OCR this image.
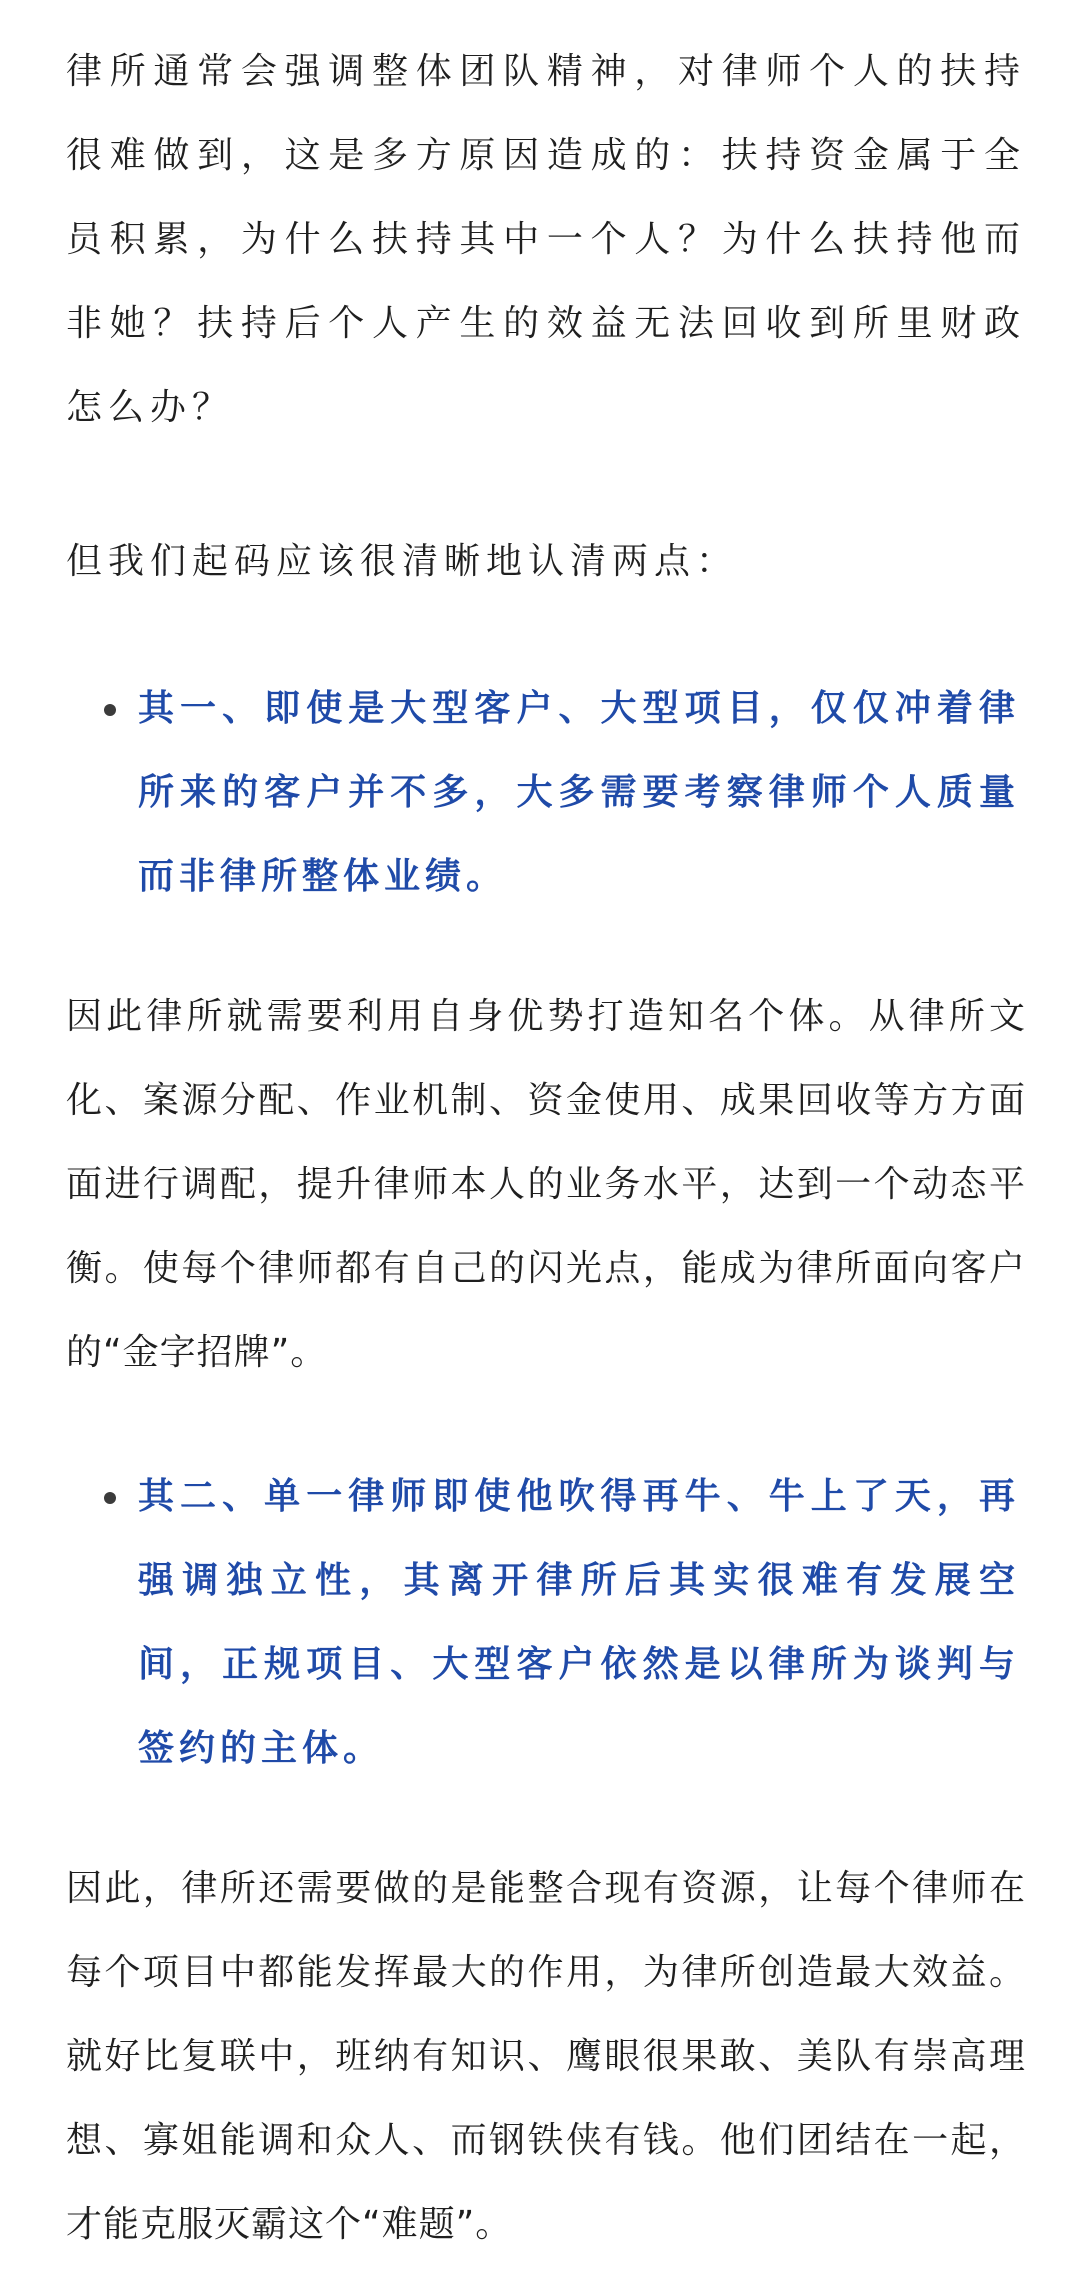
律所通常会强调整体团队精神，对律师个人的扶持很难做到，这是多方原因造成的：扶持资金属于全员积累，为什么扶持其中一个人？为什么扶持他而非她？扶持后个人产生的效益无法回收到所里财政怎么办？

但我们起码应该很清晰地认清两点：

其一、即使是大型客户、大型项目，仅仅冲着律所来的客户并不多，大多需要考察律师个人质量而非律所整体业绩。

因此律所就需要利用自身优势打造知名个体。从律所文化、案源分配、作业机制、资金使用、成果回收等方方面面进行调配，提升律师本人的业务水平，达到一个动态平衡。使每个律师都有自己的闪光点，能成为律所面向客户的“金字招牌”。

其二、单一律师即使他吹得再牛、牛上了天，再强调独立性，其离开律所后其实很难有发展空间，正规项目、大型客户依然是以律所为谈判与签约的主体。

因此，律所还需要做的是能整合现有资源，让每个律师在每个项目中都能发挥最大的作用，为律所创造最大效益。就好比复联中，班纳有知识、鹰眼很果敢、美队有崇高理想、寡姐能调和众人、而钢铁侠有钱。他们团结在一起，才能克服灭霸这个“难题”。
